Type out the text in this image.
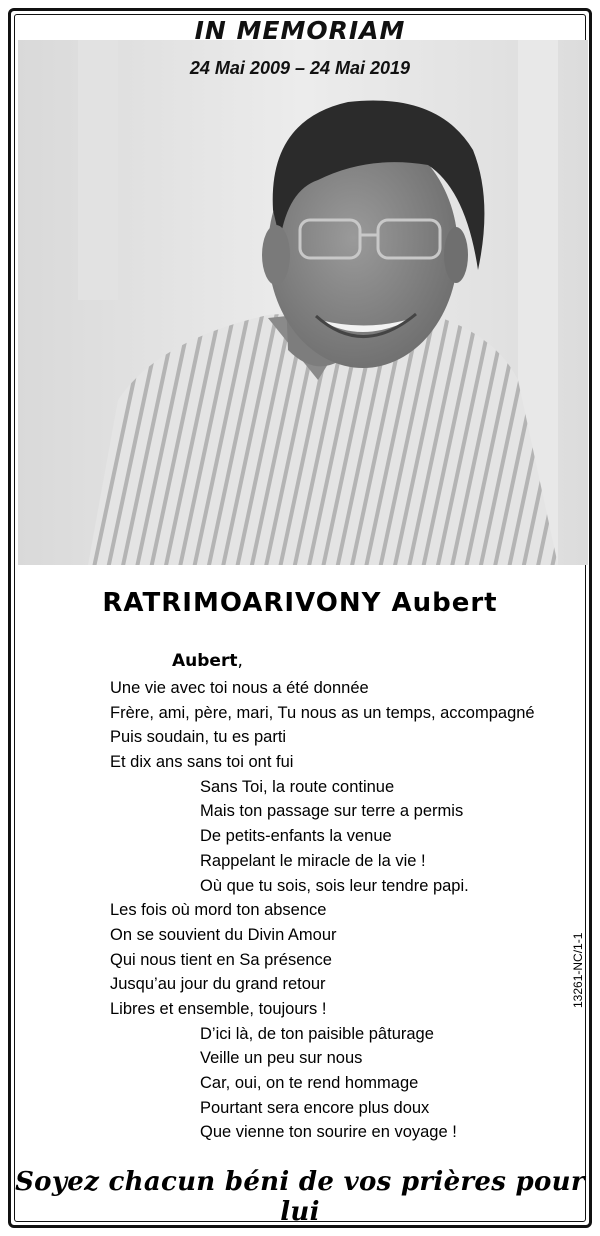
IN MEMORIAM
24 Mai 2009 – 24 Mai 2019
RATRIMOARIVONY Aubert
Aubert,
Une vie avec toi nous a été donnée
Frère, ami, père, mari, Tu nous as un temps, accompagné
Puis soudain, tu es parti
Et dix ans sans toi ont fui
Sans Toi, la route continue
Mais ton passage sur terre a permis
De petits-enfants la venue
Rappelant le miracle de la vie !
Où que tu sois, sois leur tendre papi.
Les fois où mord ton absence
On se souvient du Divin Amour
Qui nous tient en Sa présence
Jusqu’au jour du grand retour
Libres et ensemble, toujours !
D’ici là, de ton paisible pâturage
Veille un peu sur nous
Car, oui, on te rend hommage
Pourtant sera encore plus doux
Que vienne ton sourire en voyage !
13261-NC/1-1
Soyez chacun béni de vos prières pour lui
